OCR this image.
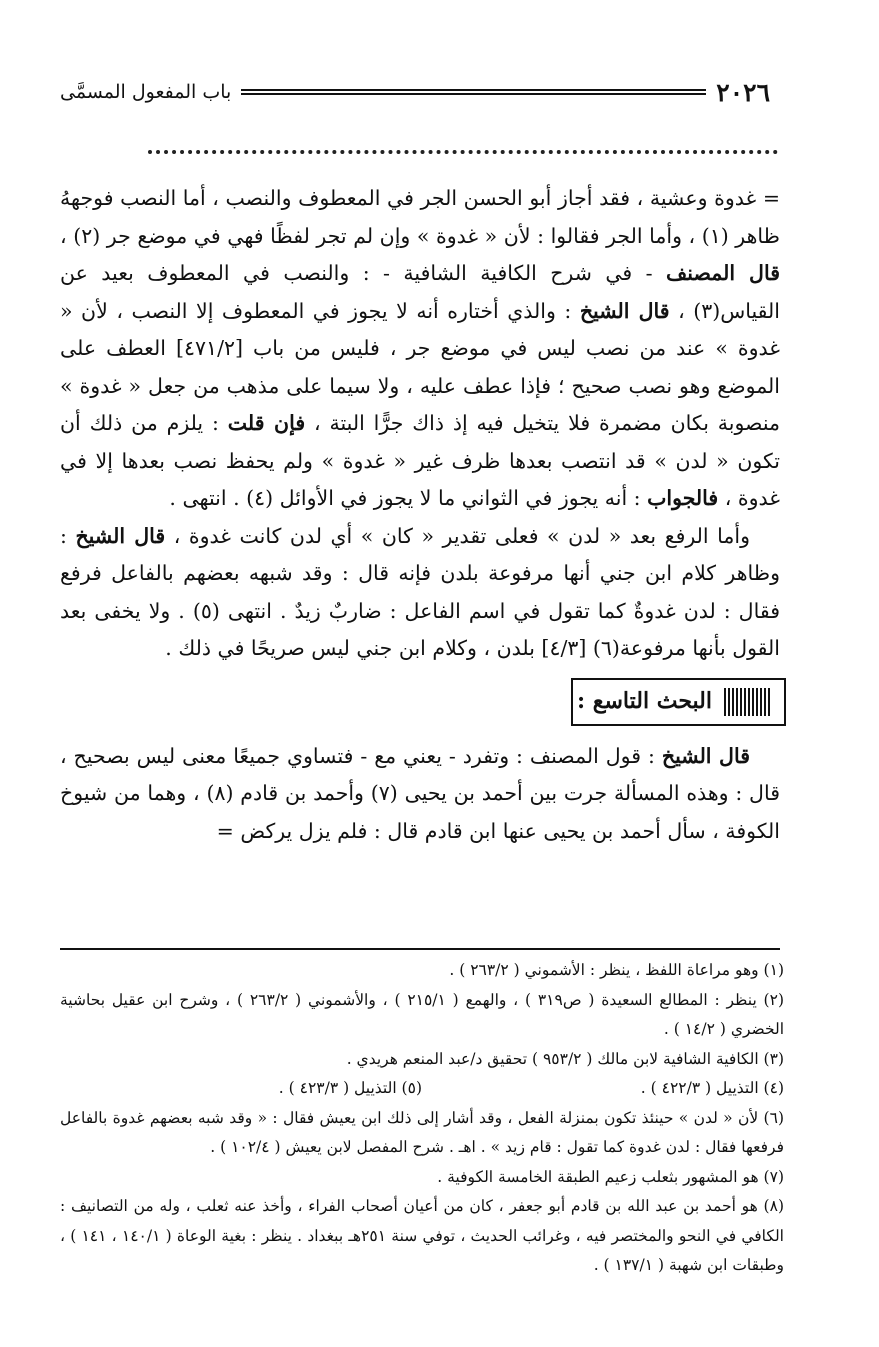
٢٠٢٦
باب المفعول المسمَّى

= غدوة وعشية ، فقد أجاز أبو الحسن الجر في المعطوف والنصب ، أما النصب فوجههُ ظاهر (١) ، وأما الجر فقالوا : لأن « غدوة » وإن لم تجر لفظًا فهي في موضع جر (٢) ، قال المصنف - في شرح الكافية الشافية - : والنصب في المعطوف بعيد عن القياس(٣) ، قال الشيخ : والذي أختاره أنه لا يجوز في المعطوف إلا النصب ، لأن « غدوة » عند من نصب ليس في موضع جر ، فليس من باب [٤٧١/٢] العطف على الموضع وهو نصب صحيح ؛ فإذا عطف عليه ، ولا سيما على مذهب من جعل « غدوة » منصوبة بكان مضمرة فلا يتخيل فيه إذ ذاك جرًّا البتة ، فإن قلت : يلزم من ذلك أن تكون « لدن » قد انتصب بعدها ظرف غير « غدوة » ولم يحفظ نصب بعدها إلا في غدوة ، فالجواب : أنه يجوز في الثواني ما لا يجوز في الأوائل (٤) . انتهى .

وأما الرفع بعد « لدن » فعلى تقدير « كان » أي لدن كانت غدوة ، قال الشيخ : وظاهر كلام ابن جني أنها مرفوعة بلدن فإنه قال : وقد شبهه بعضهم بالفاعل فرفع فقال : لدن غدوةٌ كما تقول في اسم الفاعل : ضاربٌ زيدٌ . انتهى (٥) . ولا يخفى بعد القول بأنها مرفوعة(٦) [٤/٣] بلدن ، وكلام ابن جني ليس صريحًا في ذلك .

البحث التاسع :

قال الشيخ : قول المصنف : وتفرد - يعني مع - فتساوي جميعًا معنى ليس بصحيح ، قال : وهذه المسألة جرت بين أحمد بن يحيى (٧) وأحمد بن قادم (٨) ، وهما من شيوخ الكوفة ، سأل أحمد بن يحيى عنها ابن قادم قال : فلم يزل يركض =

(١) وهو مراعاة اللفظ ، ينظر : الأشموني ( ٢٦٣/٢ ) .

(٢) ينظر : المطالع السعيدة ( ص٣١٩ ) ، والهمع ( ٢١٥/١ ) ، والأشموني ( ٢٦٣/٢ ) ، وشرح ابن عقيل بحاشية الخضري ( ١٤/٢ ) .

(٣) الكافية الشافية لابن مالك ( ٩٥٣/٢ ) تحقيق د/عبد المنعم هريدي .

(٤) التذييل ( ٤٢٢/٣ ) .
(٥) التذييل ( ٤٢٣/٣ ) .

(٦) لأن « لدن » حينئذ تكون بمنزلة الفعل ، وقد أشار إلى ذلك ابن يعيش فقال : « وقد شبه بعضهم غدوة بالفاعل فرفعها فقال : لدن غدوة كما تقول : قام زيد » . اهـ . شرح المفصل لابن يعيش ( ١٠٢/٤ ) .

(٧) هو المشهور بثعلب زعيم الطبقة الخامسة الكوفية .

(٨) هو أحمد بن عبد الله بن قادم أبو جعفر ، كان من أعيان أصحاب الفراء ، وأخذ عنه ثعلب ، وله من التصانيف : الكافي في النحو والمختصر فيه ، وغرائب الحديث ، توفي سنة ٢٥١هـ ببغداد . ينظر : بغية الوعاة ( ١٤٠/١ ، ١٤١ ) ، وطبقات ابن شهبة ( ١٣٧/١ ) .
